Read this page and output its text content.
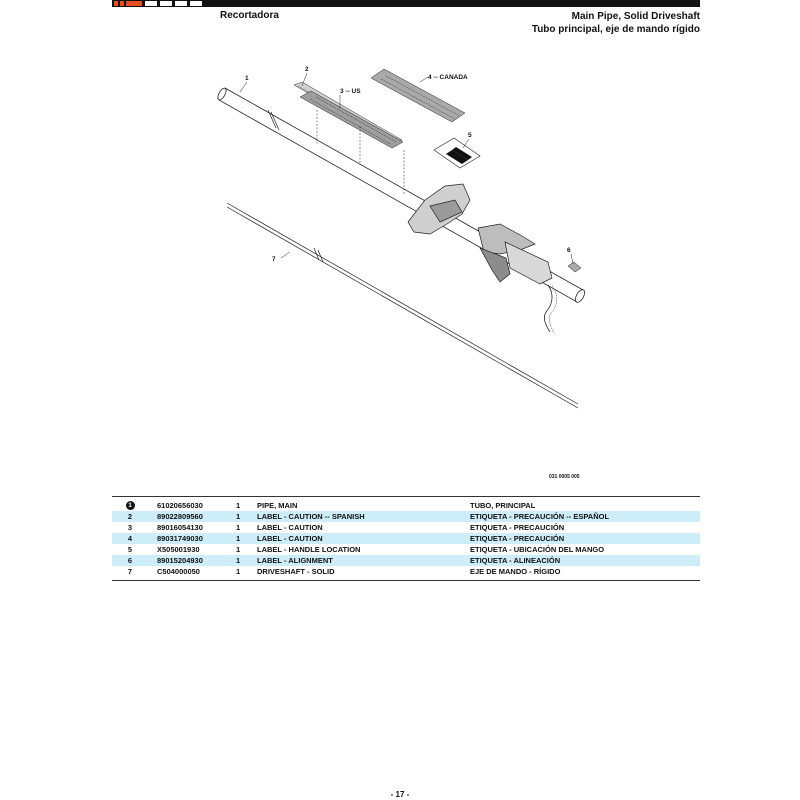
Recortadora	Main Pipe, Solid Driveshaft
Tubo principal, eje de mando rígido
1
2
3 -- US
4 -- CANADA
5
6
7
031 0005 005
1	61020656030	1 PIPE, MAIN	TUBO, PRINCIPAL
2	89022809560	1 LABEL - CAUTION -- SPANISH	ETIQUETA - PRECAUCIÓN -- ESPAÑOL
3	89016054130	1 LABEL - CAUTION	ETIQUETA - PRECAUCIÓN
4	89031749030	1 LABEL - CAUTION	ETIQUETA - PRECAUCIÓN
5	X505001930	1 LABEL - HANDLE LOCATION	ETIQUETA - UBICACIÓN DEL MANGO
6	89015204930	1 LABEL - ALIGNMENT	ETIQUETA - ALINEACIÓN
7	C504000050	1 DRIVESHAFT - SOLID	EJE DE MANDO - RÍGIDO
- 17 -
